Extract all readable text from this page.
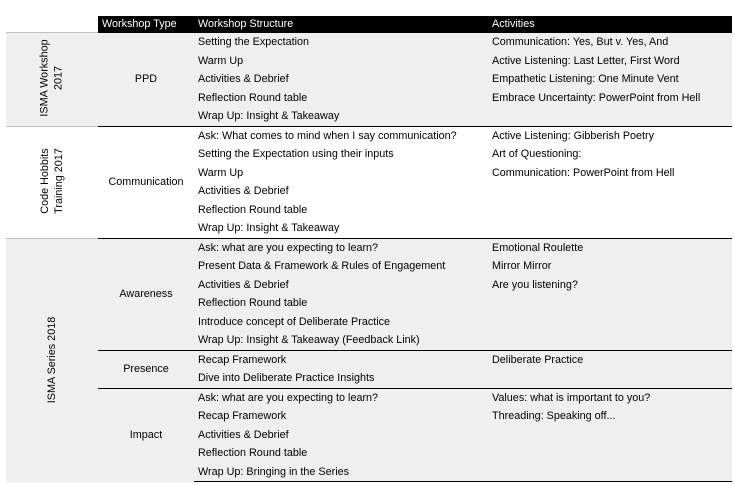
	Workshop Type	Workshop Structure	Activities

ISMA Workshop 2017	PPD	Setting the Expectation	Communication: Yes, But v. Yes, And
		Warm Up	Active Listening: Last Letter, First Word
		Activities & Debrief	Empathetic Listening: One Minute Vent
		Reflection Round table	Embrace Uncertainty: PowerPoint from Hell
		Wrap Up: Insight & Takeaway	

Code Hobbits Training 2017	Communication	Ask: What comes to mind when I say communication?	Active Listening: Gibberish Poetry
		Setting the Expectation using their inputs	Art of Questioning:
		Warm Up	Communication: PowerPoint from Hell
		Activities & Debrief	
		Reflection Round table	
		Wrap Up: Insight & Takeaway	

ISMA Series 2018	Awareness	Ask: what are you expecting to learn?	Emotional Roulette
		Present Data & Framework & Rules of Engagement	Mirror Mirror
		Activities & Debrief	Are you listening?
		Reflection Round table	
		Introduce concept of Deliberate Practice	
		Wrap Up: Insight & Takeaway (Feedback Link)	
	Presence	Recap Framework	Deliberate Practice
		Dive into Deliberate Practice Insights	
	Impact	Ask: what are you expecting to learn?	Values: what is important to you?
		Recap Framework	Threading: Speaking off...
		Activities & Debrief	
		Reflection Round table	
		Wrap Up: Bringing in the Series	
